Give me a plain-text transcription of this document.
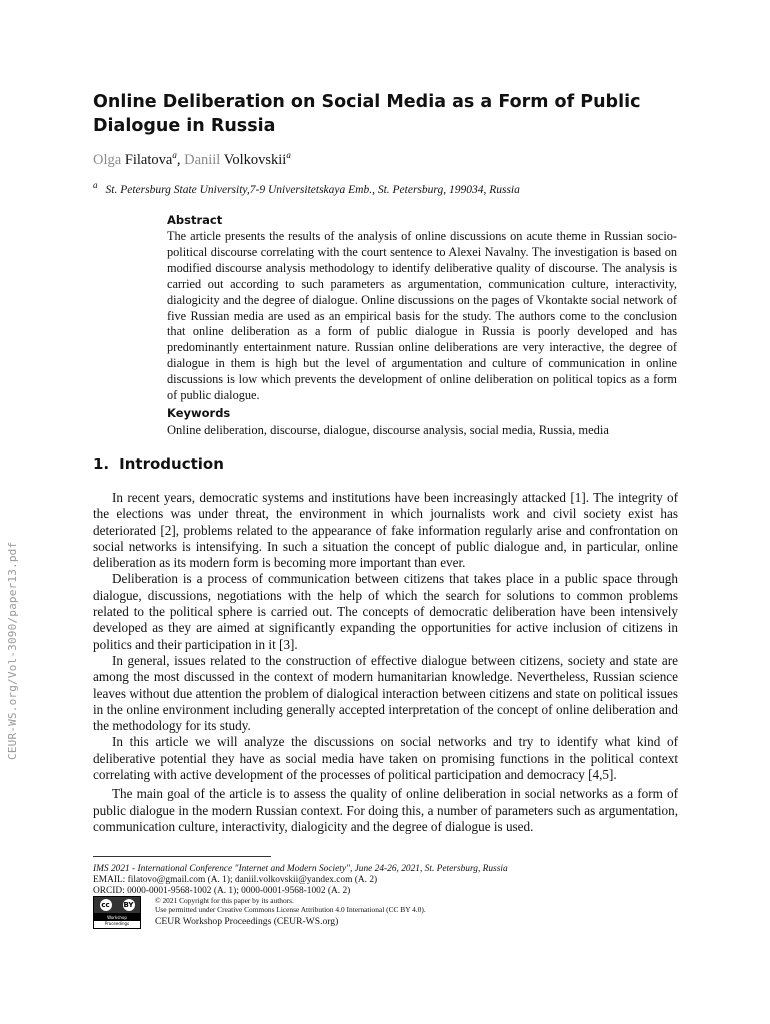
CEUR-WS.org/Vol-3090/paper13.pdf
Online Deliberation on Social Media as a Form of Public Dialogue in Russia
Olga Filatova$^a$, Daniil Volkovskii$^a$
$^a$ St. Petersburg State University,7-9 Universitetskaya Emb., St. Petersburg, 199034, Russia
Abstract
The article presents the results of the analysis of online discussions on acute theme in Russian socio-political discourse correlating with the court sentence to Alexei Navalny. The investigation is based on modified discourse analysis methodology to identify deliberative quality of discourse. The analysis is carried out according to such parameters as argumentation, communication culture, interactivity, dialogicity and the degree of dialogue. Online discussions on the pages of Vkontakte social network of five Russian media are used as an empirical basis for the study. The authors come to the conclusion that online deliberation as a form of public dialogue in Russia is poorly developed and has predominantly entertainment nature. Russian online deliberations are very interactive, the degree of dialogue in them is high but the level of argumentation and culture of communication in online discussions is low which prevents the development of online deliberation on political topics as a form of public dialogue.
Keywords
Online deliberation, discourse, dialogue, discourse analysis, social media, Russia, media
1. Introduction

In recent years, democratic systems and institutions have been increasingly attacked [1]. The integrity of the elections was under threat, the environment in which journalists work and civil society exist has deteriorated [2], problems related to the appearance of fake information regularly arise and confrontation on social networks is intensifying. In such a situation the concept of public dialogue and, in particular, online deliberation as its modern form is becoming more important than ever.

Deliberation is a process of communication between citizens that takes place in a public space through dialogue, discussions, negotiations with the help of which the search for solutions to common problems related to the political sphere is carried out. The concepts of democratic deliberation have been intensively developed as they are aimed at significantly expanding the opportunities for active inclusion of citizens in politics and their participation in it [3].

In general, issues related to the construction of effective dialogue between citizens, society and state are among the most discussed in the context of modern humanitarian knowledge. Nevertheless, Russian science leaves without due attention the problem of dialogical interaction between citizens and state on political issues in the online environment including generally accepted interpretation of the concept of online deliberation and the methodology for its study.

In this article we will analyze the discussions on social networks and try to identify what kind of deliberative potential they have as social media have taken on promising functions in the political context correlating with active development of the processes of political participation and democracy [4,5].

The main goal of the article is to assess the quality of online deliberation in social networks as a form of public dialogue in the modern Russian context. For doing this, a number of parameters such as argumentation, communication culture, interactivity, dialogicity and the degree of dialogue is used.

IMS 2021 - International Conference "Internet and Modern Society", June 24-26, 2021, St. Petersburg, Russia
EMAIL: filatovo@gmail.com (A. 1); daniil.volkovskii@yandex.com (A. 2)
ORCID: 0000-0001-9568-1002 (A. 1); 0000-0001-9568-1002 (A. 2)
cc BY
Workshop
Proceedings
© 2021 Copyright for this paper by its authors.
Use permitted under Creative Commons License Attribution 4.0 International (CC BY 4.0).
CEUR Workshop Proceedings (CEUR-WS.org)
